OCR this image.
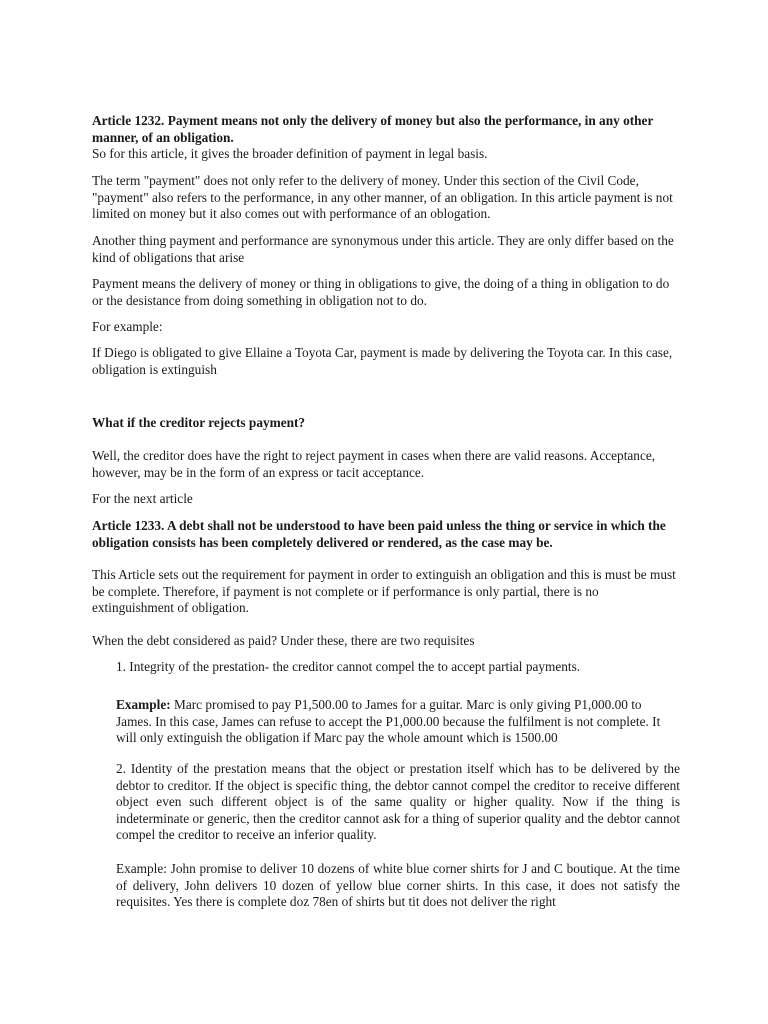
Article 1232. Payment means not only the delivery of money but also the performance, in any other manner, of an obligation.

So for this article, it gives the broader definition of payment in legal basis.

The term "payment" does not only refer to the delivery of money. Under this section of the Civil Code, "payment" also refers to the performance, in any other manner, of an obligation. In this article payment is not limited on money but it also comes out with performance of an oblogation.

Another thing payment and performance are synonymous under this article. They are only differ based on the kind of obligations that arise

Payment means the delivery of money or thing in obligations to give, the doing of a thing in obligation to do or the desistance from doing something in obligation not to do.

For example:

If Diego is obligated to give Ellaine a Toyota Car, payment is made by delivering the Toyota car. In this case, obligation is extinguish

What if the creditor rejects payment?

Well, the creditor does have the right to reject payment in cases when there are valid reasons. Acceptance, however, may be in the form of an express or tacit acceptance.

For the next article

Article 1233. A debt shall not be understood to have been paid unless the thing or service in which the obligation consists has been completely delivered or rendered, as the case may be.

This Article sets out the requirement for payment in order to extinguish an obligation and this is must be must be complete. Therefore, if payment is not complete or if performance is only partial, there is no extinguishment of obligation.

When the debt considered as paid? Under these, there are two requisites

1. Integrity of the prestation- the creditor cannot compel the to accept partial payments.

Example: Marc promised to pay P1,500.00 to James for a guitar. Marc is only giving P1,000.00 to James. In this case, James can refuse to accept the P1,000.00 because the fulfilment is not complete. It will only extinguish the obligation if Marc pay the whole amount which is 1500.00

2. Identity of the prestation means that the object or prestation itself which has to be delivered by the debtor to creditor. If the object is specific thing, the debtor cannot compel the creditor to receive different object even such different object is of the same quality or higher quality. Now if the thing is indeterminate or generic, then the creditor cannot ask for a thing of superior quality and the debtor cannot compel the creditor to receive an inferior quality.

Example: John promise to deliver 10 dozens of white blue corner shirts for J and C boutique. At the time of delivery, John delivers 10 dozen of yellow blue corner shirts. In this case, it does not satisfy the requisites. Yes there is complete doz 78en of shirts but tit does not deliver the right
